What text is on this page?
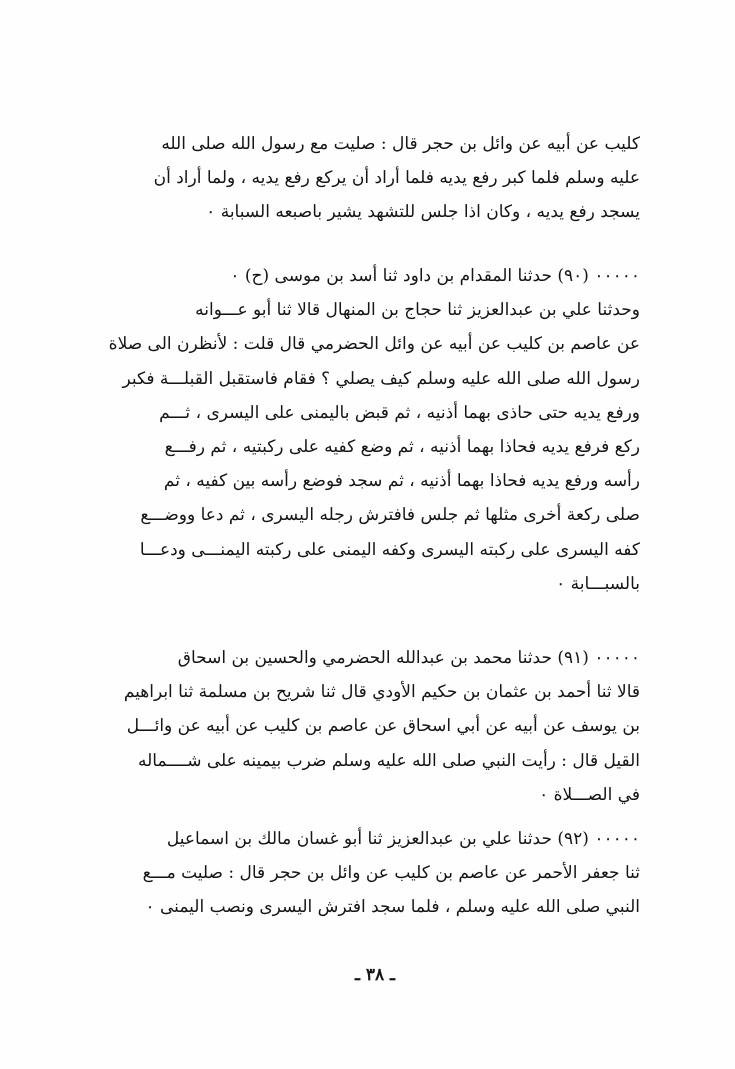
كليب عن أبيه عن وائل بن حجر قال : صليت مع رسول الله صلى الله
عليه وسلم فلما كبر رفع يديه فلما أراد أن يركع رفع يديه ، ولما أراد أن
يسجد رفع يديه ، وكان اذا جلس للتشهد يشير باصبعه السبابة ٠
٠٠٠٠٠ (٩٠) حدثنا المقدام بن داود ثنا أسد بن موسى (ح) ٠
وحدثنا علي بن عبدالعزيز ثنا حجاج بن المنهال قالا ثنا أبو عـــوانه
عن عاصم بن كليب عن أبيه عن وائل الحضرمي قال قلت : لأنظرن الى صلاة
رسول الله صلى الله عليه وسلم كيف يصلي ؟ فقام فاستقبل القبلـــة فكبر
ورفع يديه حتى حاذى بهما أذنيه ، ثم قبض باليمنى على اليسرى ، ثـــم
ركع فرفع يديه فحاذا بهما أذنيه ، ثم وضع كفيه على ركبتيه ، ثم رفـــع
رأسه ورفع يديه فحاذا بهما أذنيه ، ثم سجد فوضع رأسه بين كفيه ، ثم
صلى ركعة أخرى مثلها ثم جلس فافترش رجله اليسرى ، ثم دعا ووضـــع
كفه اليسرى على ركبته اليسرى وكفه اليمنى على ركبته اليمنـــى ودعـــا
بالسبـــابة ٠
٠٠٠٠٠ (٩١) حدثنا محمد بن عبدالله الحضرمي والحسين بن اسحاق
قالا ثنا أحمد بن عثمان بن حكيم الأودي قال ثنا شريح بن مسلمة ثنا ابراهيم
بن يوسف عن أبيه عن أبي اسحاق عن عاصم بن كليب عن أبيه عن وائـــل
القيل قال : رأيت النبي صلى الله عليه وسلم ضرب بيمينه على شــــماله
في الصـــلاة ٠
٠٠٠٠٠ (٩٢) حدثنا علي بن عبدالعزيز ثنا أبو غسان مالك بن اسماعيل
ثنا جعفر الأحمر عن عاصم بن كليب عن وائل بن حجر قال : صليت مـــع
النبي صلى الله عليه وسلم ، فلما سجد افترش اليسرى ونصب اليمنى ٠
ـ ٣٨ ـ
